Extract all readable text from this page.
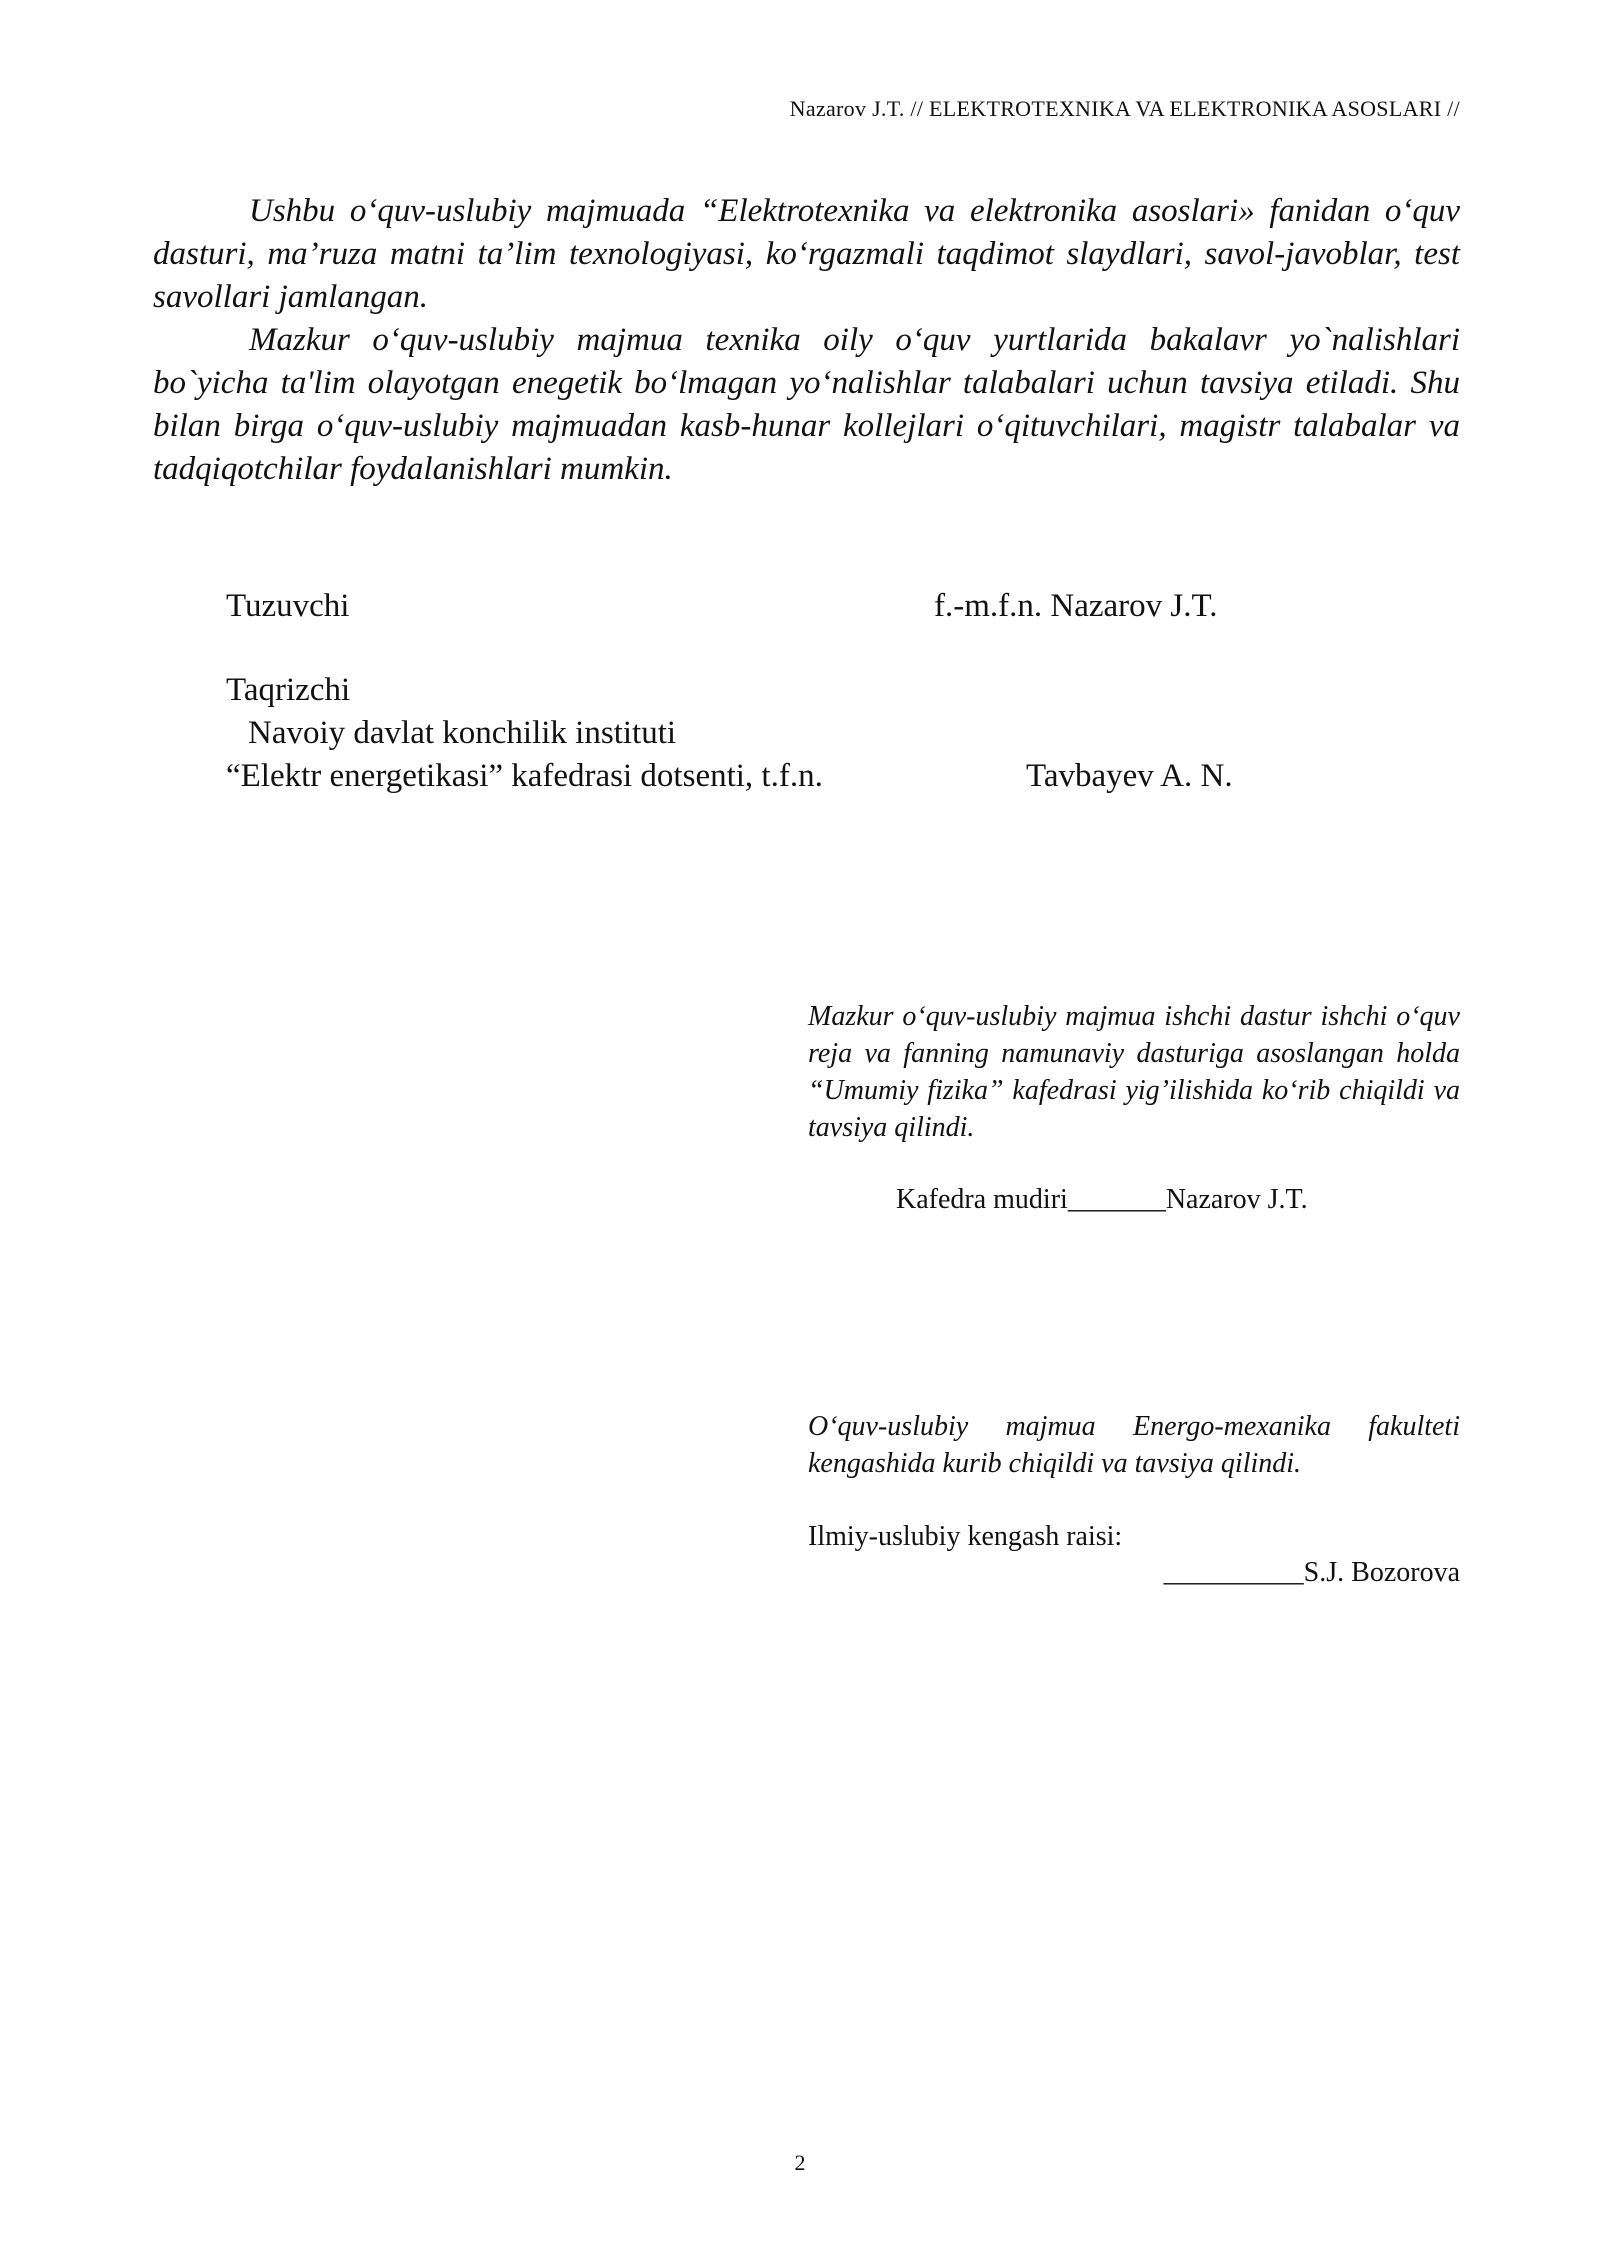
Nazarov J.T. // ELEKTROTEXNIKA VA ELEKTRONIKA ASOSLARI //

Ushbu o‘quv-uslubiy majmuada “Elektrotexnika va elektronika asoslari» fanidan o‘quv dasturi, ma’ruza matni ta’lim texnologiyasi, ko‘rgazmali taqdimot slaydlari, savol-javoblar, test savollari jamlangan.

Mazkur o‘quv-uslubiy majmua texnika oily o‘quv yurtlarida bakalavr yo`nalishlari bo`yicha ta'lim olayotgan enegetik bo‘lmagan yo‘nalishlar talabalari uchun tavsiya etiladi. Shu bilan birga o‘quv-uslubiy majmuadan kasb-hunar kollejlari o‘qituvchilari, magistr talabalar va tadqiqotchilar foydalanishlari mumkin.

Tuzuvchi	f.-m.f.n. Nazarov J.T.
Taqrizchi
Navoiy davlat konchilik instituti
“Elektr energetikasi” kafedrasi dotsenti, t.f.n.	Tavbayev A. N.

Mazkur o‘quv-uslubiy majmua ishchi dastur ishchi o‘quv reja va fanning namunaviy dasturiga asoslangan holda “Umumiy fizika” kafedrasi yig’ilishida ko‘rib chiqildi va tavsiya qilindi.

Kafedra mudiri_______Nazarov J.T.

O‘quv-uslubiy majmua Energo-mexanika fakulteti kengashida kurib chiqildi va tavsiya qilindi.

Ilmiy-uslubiy kengash raisi:
__________S.J. Bozorova
2
